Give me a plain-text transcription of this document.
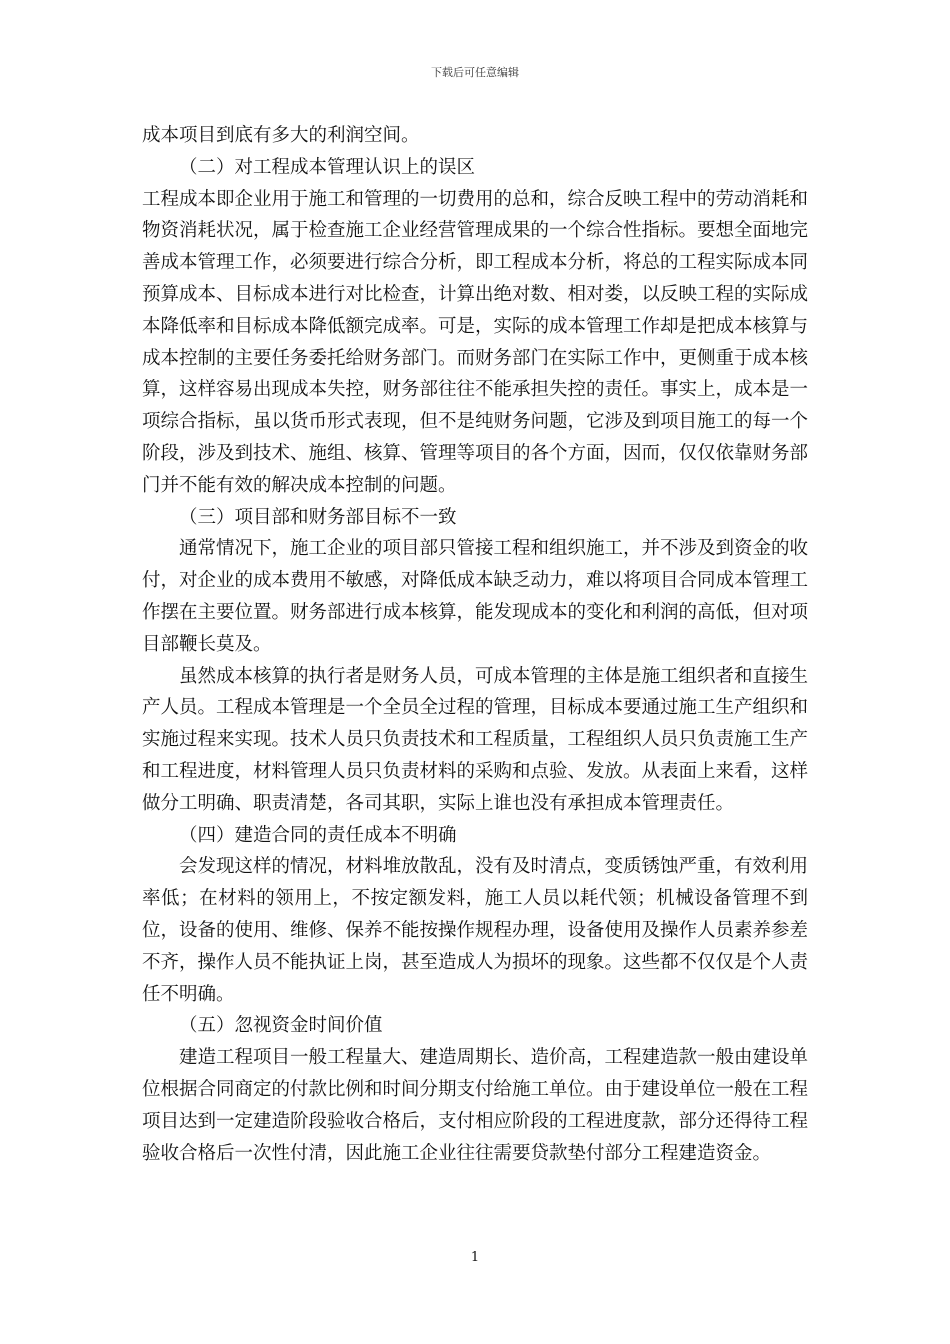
下载后可任意编辑

成本项目到底有多大的利润空间。

（二）对工程成本管理认识上的误区

工程成本即企业用于施工和管理的一切费用的总和，综合反映工程中的劳动消耗和物资消耗状况，属于检查施工企业经营管理成果的一个综合性指标。要想全面地完善成本管理工作，必须要进行综合分析，即工程成本分析，将总的工程实际成本同预算成本、目标成本进行对比检查，计算出绝对数、相对娄，以反映工程的实际成本降低率和目标成本降低额完成率。可是，实际的成本管理工作却是把成本核算与成本控制的主要任务委托给财务部门。而财务部门在实际工作中，更侧重于成本核算，这样容易出现成本失控，财务部往往不能承担失控的责任。事实上，成本是一项综合指标，虽以货币形式表现，但不是纯财务问题，它涉及到项目施工的每一个阶段，涉及到技术、施组、核算、管理等项目的各个方面，因而，仅仅依靠财务部门并不能有效的解决成本控制的问题。

（三）项目部和财务部目标不一致

通常情况下，施工企业的项目部只管接工程和组织施工，并不涉及到资金的收付，对企业的成本费用不敏感，对降低成本缺乏动力，难以将项目合同成本管理工作摆在主要位置。财务部进行成本核算，能发现成本的变化和利润的高低，但对项目部鞭长莫及。

虽然成本核算的执行者是财务人员，可成本管理的主体是施工组织者和直接生产人员。工程成本管理是一个全员全过程的管理，目标成本要通过施工生产组织和实施过程来实现。技术人员只负责技术和工程质量，工程组织人员只负责施工生产和工程进度，材料管理人员只负责材料的采购和点验、发放。从表面上来看，这样做分工明确、职责清楚，各司其职，实际上谁也没有承担成本管理责任。

（四）建造合同的责任成本不明确

会发现这样的情况，材料堆放散乱，没有及时清点，变质锈蚀严重，有效利用率低；在材料的领用上，不按定额发料，施工人员以耗代领；机械设备管理不到位，设备的使用、维修、保养不能按操作规程办理，设备使用及操作人员素养参差不齐，操作人员不能执证上岗，甚至造成人为损坏的现象。这些都不仅仅是个人责任不明确。

（五）忽视资金时间价值

建造工程项目一般工程量大、建造周期长、造价高，工程建造款一般由建设单位根据合同商定的付款比例和时间分期支付给施工单位。由于建设单位一般在工程项目达到一定建造阶段验收合格后，支付相应阶段的工程进度款，部分还得待工程验收合格后一次性付清，因此施工企业往往需要贷款垫付部分工程建造资金。

1
